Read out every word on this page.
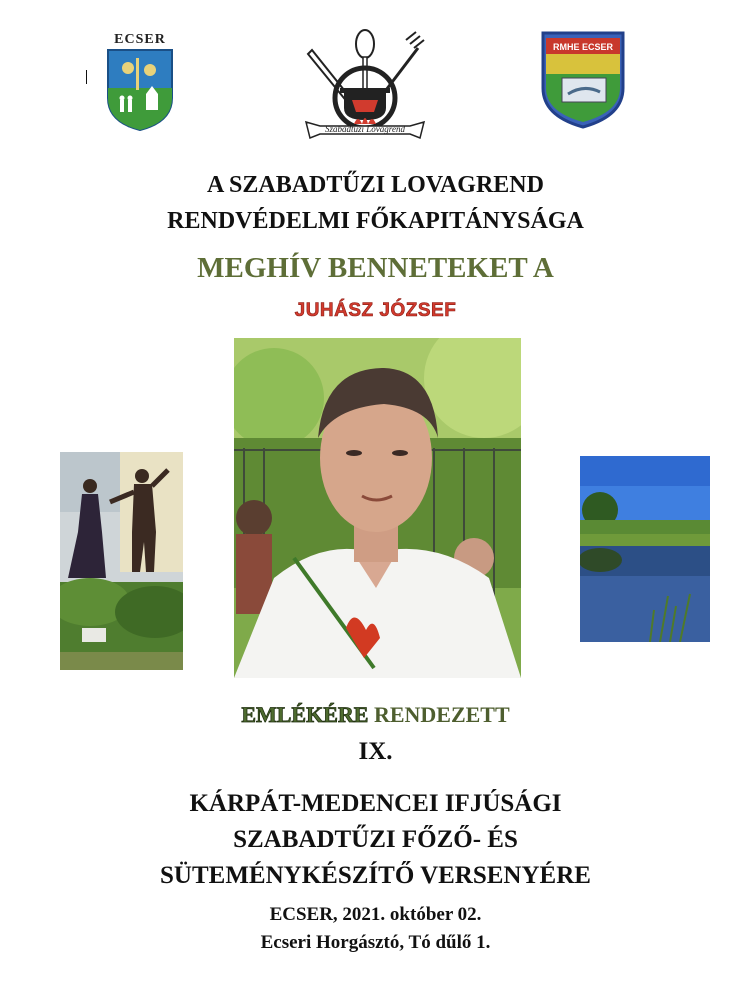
ECSER
Szabadtűzi Lovagrend
RMHE ECSER
A SZABADTŰZI LOVAGREND
RENDVÉDELMI FŐKAPITÁNYSÁGA
MEGHÍV BENNETEKET A
JUHÁSZ JÓZSEF
EMLÉKÉRE RENDEZETT
IX.
KÁRPÁT-MEDENCEI IFJÚSÁGI
SZABADTŰZI FŐZŐ- ÉS
SÜTEMÉNYKÉSZÍTŐ VERSENYÉRE
ECSER, 2021. október 02.
Ecseri Horgásztó, Tó dűlő 1.
